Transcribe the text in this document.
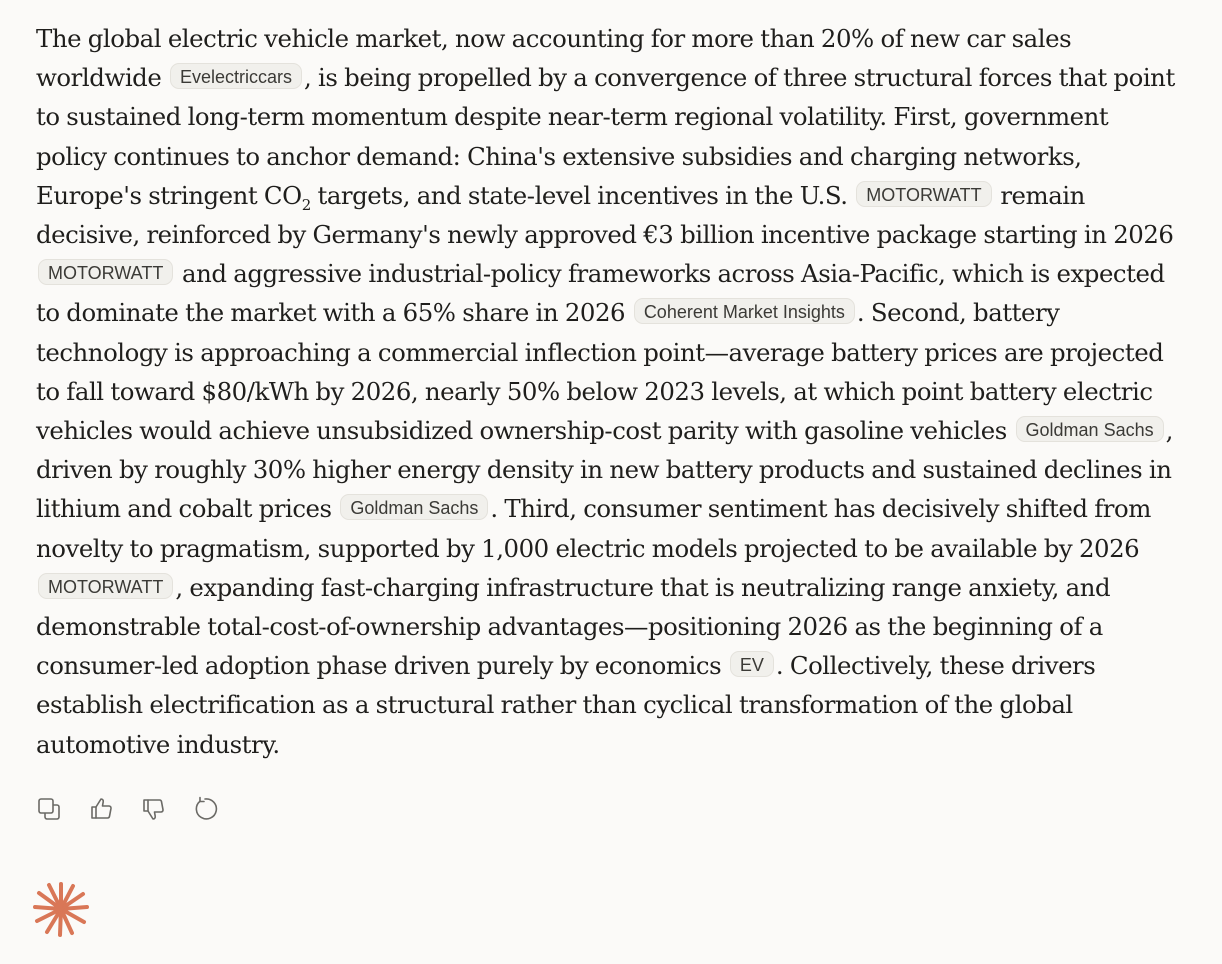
The global electric vehicle market, now accounting for more than 20% of new car sales worldwide Evelectriccars , is being propelled by a convergence of three structural forces that point to sustained long-term momentum despite near-term regional volatility. First, government policy continues to anchor demand: China's extensive subsidies and charging networks, Europe's stringent $CO_2$ targets, and state-level incentives in the U.S. MOTORWATT remain decisive, reinforced by Germany's newly approved €3 billion incentive package starting in 2026 MOTORWATT and aggressive industrial-policy frameworks across Asia-Pacific, which is expected to dominate the market with a 65% share in 2026 Coherent Market Insights . Second, battery technology is approaching a commercial inflection point—average battery prices are projected to fall toward $80/kWh by 2026, nearly 50% below 2023 levels, at which point battery electric vehicles would achieve unsubsidized ownership-cost parity with gasoline vehicles Goldman Sachs , driven by roughly 30% higher energy density in new battery products and sustained declines in lithium and cobalt prices Goldman Sachs . Third, consumer sentiment has decisively shifted from novelty to pragmatism, supported by 1,000 electric models projected to be available by 2026 MOTORWATT , expanding fast-charging infrastructure that is neutralizing range anxiety, and demonstrable total-cost-of-ownership advantages—positioning 2026 as the beginning of a consumer-led adoption phase driven purely by economics EV . Collectively, these drivers establish electrification as a structural rather than cyclical transformation of the global automotive industry.
